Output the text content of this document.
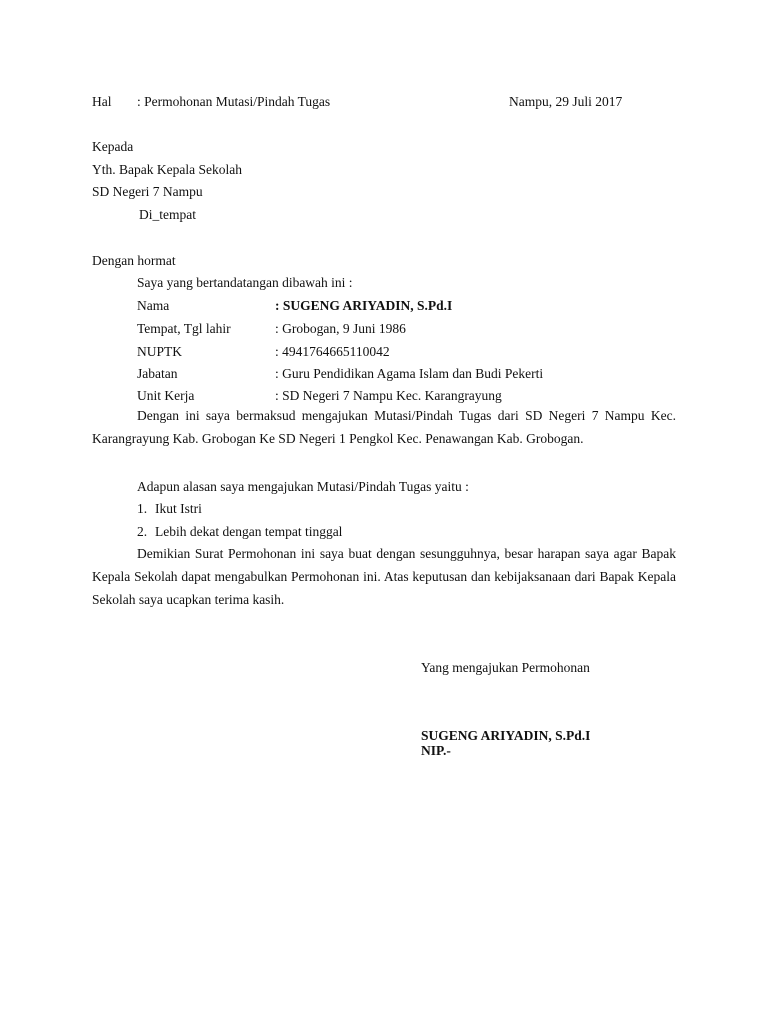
Hal : Permohonan Mutasi/Pindah Tugas	Nampu, 29 Juli 2017
Kepada
Yth. Bapak Kepala Sekolah
SD Negeri 7 Nampu
Di_tempat
Dengan hormat
Saya yang bertandatangan dibawah ini :
Nama	: SUGENG ARIYADIN, S.Pd.I
Tempat, Tgl lahir	: Grobogan, 9 Juni 1986
NUPTK	: 4941764665110042
Jabatan	: Guru Pendidikan Agama Islam dan Budi Pekerti
Unit Kerja	: SD Negeri 7 Nampu Kec. Karangrayung
Dengan ini saya bermaksud mengajukan Mutasi/Pindah Tugas dari SD Negeri 7 Nampu Kec. Karangrayung Kab. Grobogan Ke SD Negeri 1 Pengkol Kec. Penawangan Kab. Grobogan.
Adapun alasan saya mengajukan Mutasi/Pindah Tugas yaitu :
1. Ikut Istri
2. Lebih dekat dengan tempat tinggal
Demikian Surat Permohonan ini saya buat dengan sesungguhnya, besar harapan saya agar Bapak Kepala Sekolah dapat mengabulkan Permohonan ini. Atas keputusan dan kebijaksanaan dari Bapak Kepala Sekolah saya ucapkan terima kasih.
Yang mengajukan Permohonan
SUGENG ARIYADIN, S.Pd.I
NIP.-
